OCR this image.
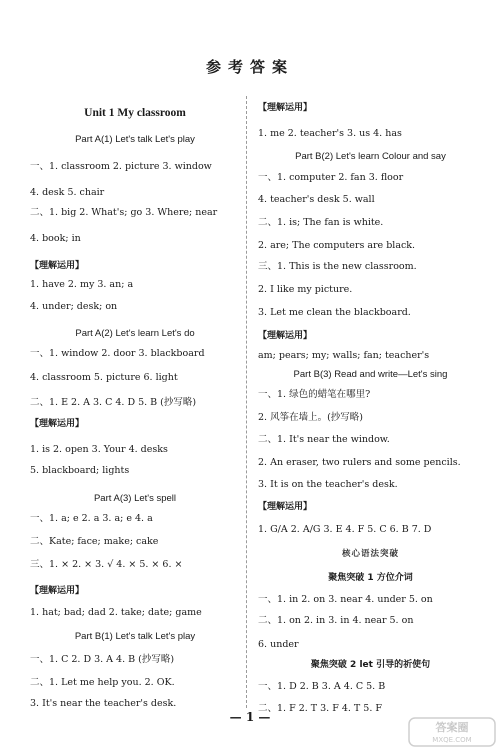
参考答案
Unit 1 My classroom
Part A(1) Let's talk Let's play
一、1. classroom 2. picture 3. window
4. desk 5. chair
二、1. big 2. What's; go 3. Where; near
4. book; in
【理解运用】
1. have 2. my 3. an; a
4. under; desk; on
Part A(2) Let's learn Let's do
一、1. window 2. door 3. blackboard
4. classroom 5. picture 6. light
二、1. E 2. A 3. C 4. D 5. B (抄写略)
【理解运用】
1. is 2. open 3. Your 4. desks
5. blackboard; lights
Part A(3) Let's spell
一、1. a; e 2. a 3. a; e 4. a
二、Kate; face; make; cake
三、1. × 2. × 3. √ 4. × 5. × 6. ×
【理解运用】
1. hat; bad; dad 2. take; date; game
Part B(1) Let's talk Let's play
一、1. C 2. D 3. A 4. B (抄写略)
二、1. Let me help you. 2. OK.
3. It's near the teacher's desk.
【理解运用】
1. me 2. teacher's 3. us 4. has
Part B(2) Let's learn Colour and say
一、1. computer 2. fan 3. floor
4. teacher's desk 5. wall
二、1. is; The fan is white.
2. are; The computers are black.
三、1. This is the new classroom.
2. I like my picture.
3. Let me clean the blackboard.
【理解运用】
am; pears; my; walls; fan; teacher's
Part B(3) Read and write—Let's sing
一、1. 绿色的蜡笔在哪里?
2. 风筝在墙上。(抄写略)
二、1. It's near the window.
2. An eraser, two rulers and some pencils.
3. It is on the teacher's desk.
【理解运用】
1. G/A 2. A/G 3. E 4. F 5. C 6. B 7. D
核心语法突破
聚焦突破 1 方位介词
一、1. in 2. on 3. near 4. under 5. on
二、1. on 2. in 3. in 4. near 5. on
6. under
聚焦突破 2 let 引导的祈使句
一、1. D 2. B 3. A 4. C 5. B
二、1. F 2. T 3. F 4. T 5. F
— 1 —
答案圈
MXQE.COM
